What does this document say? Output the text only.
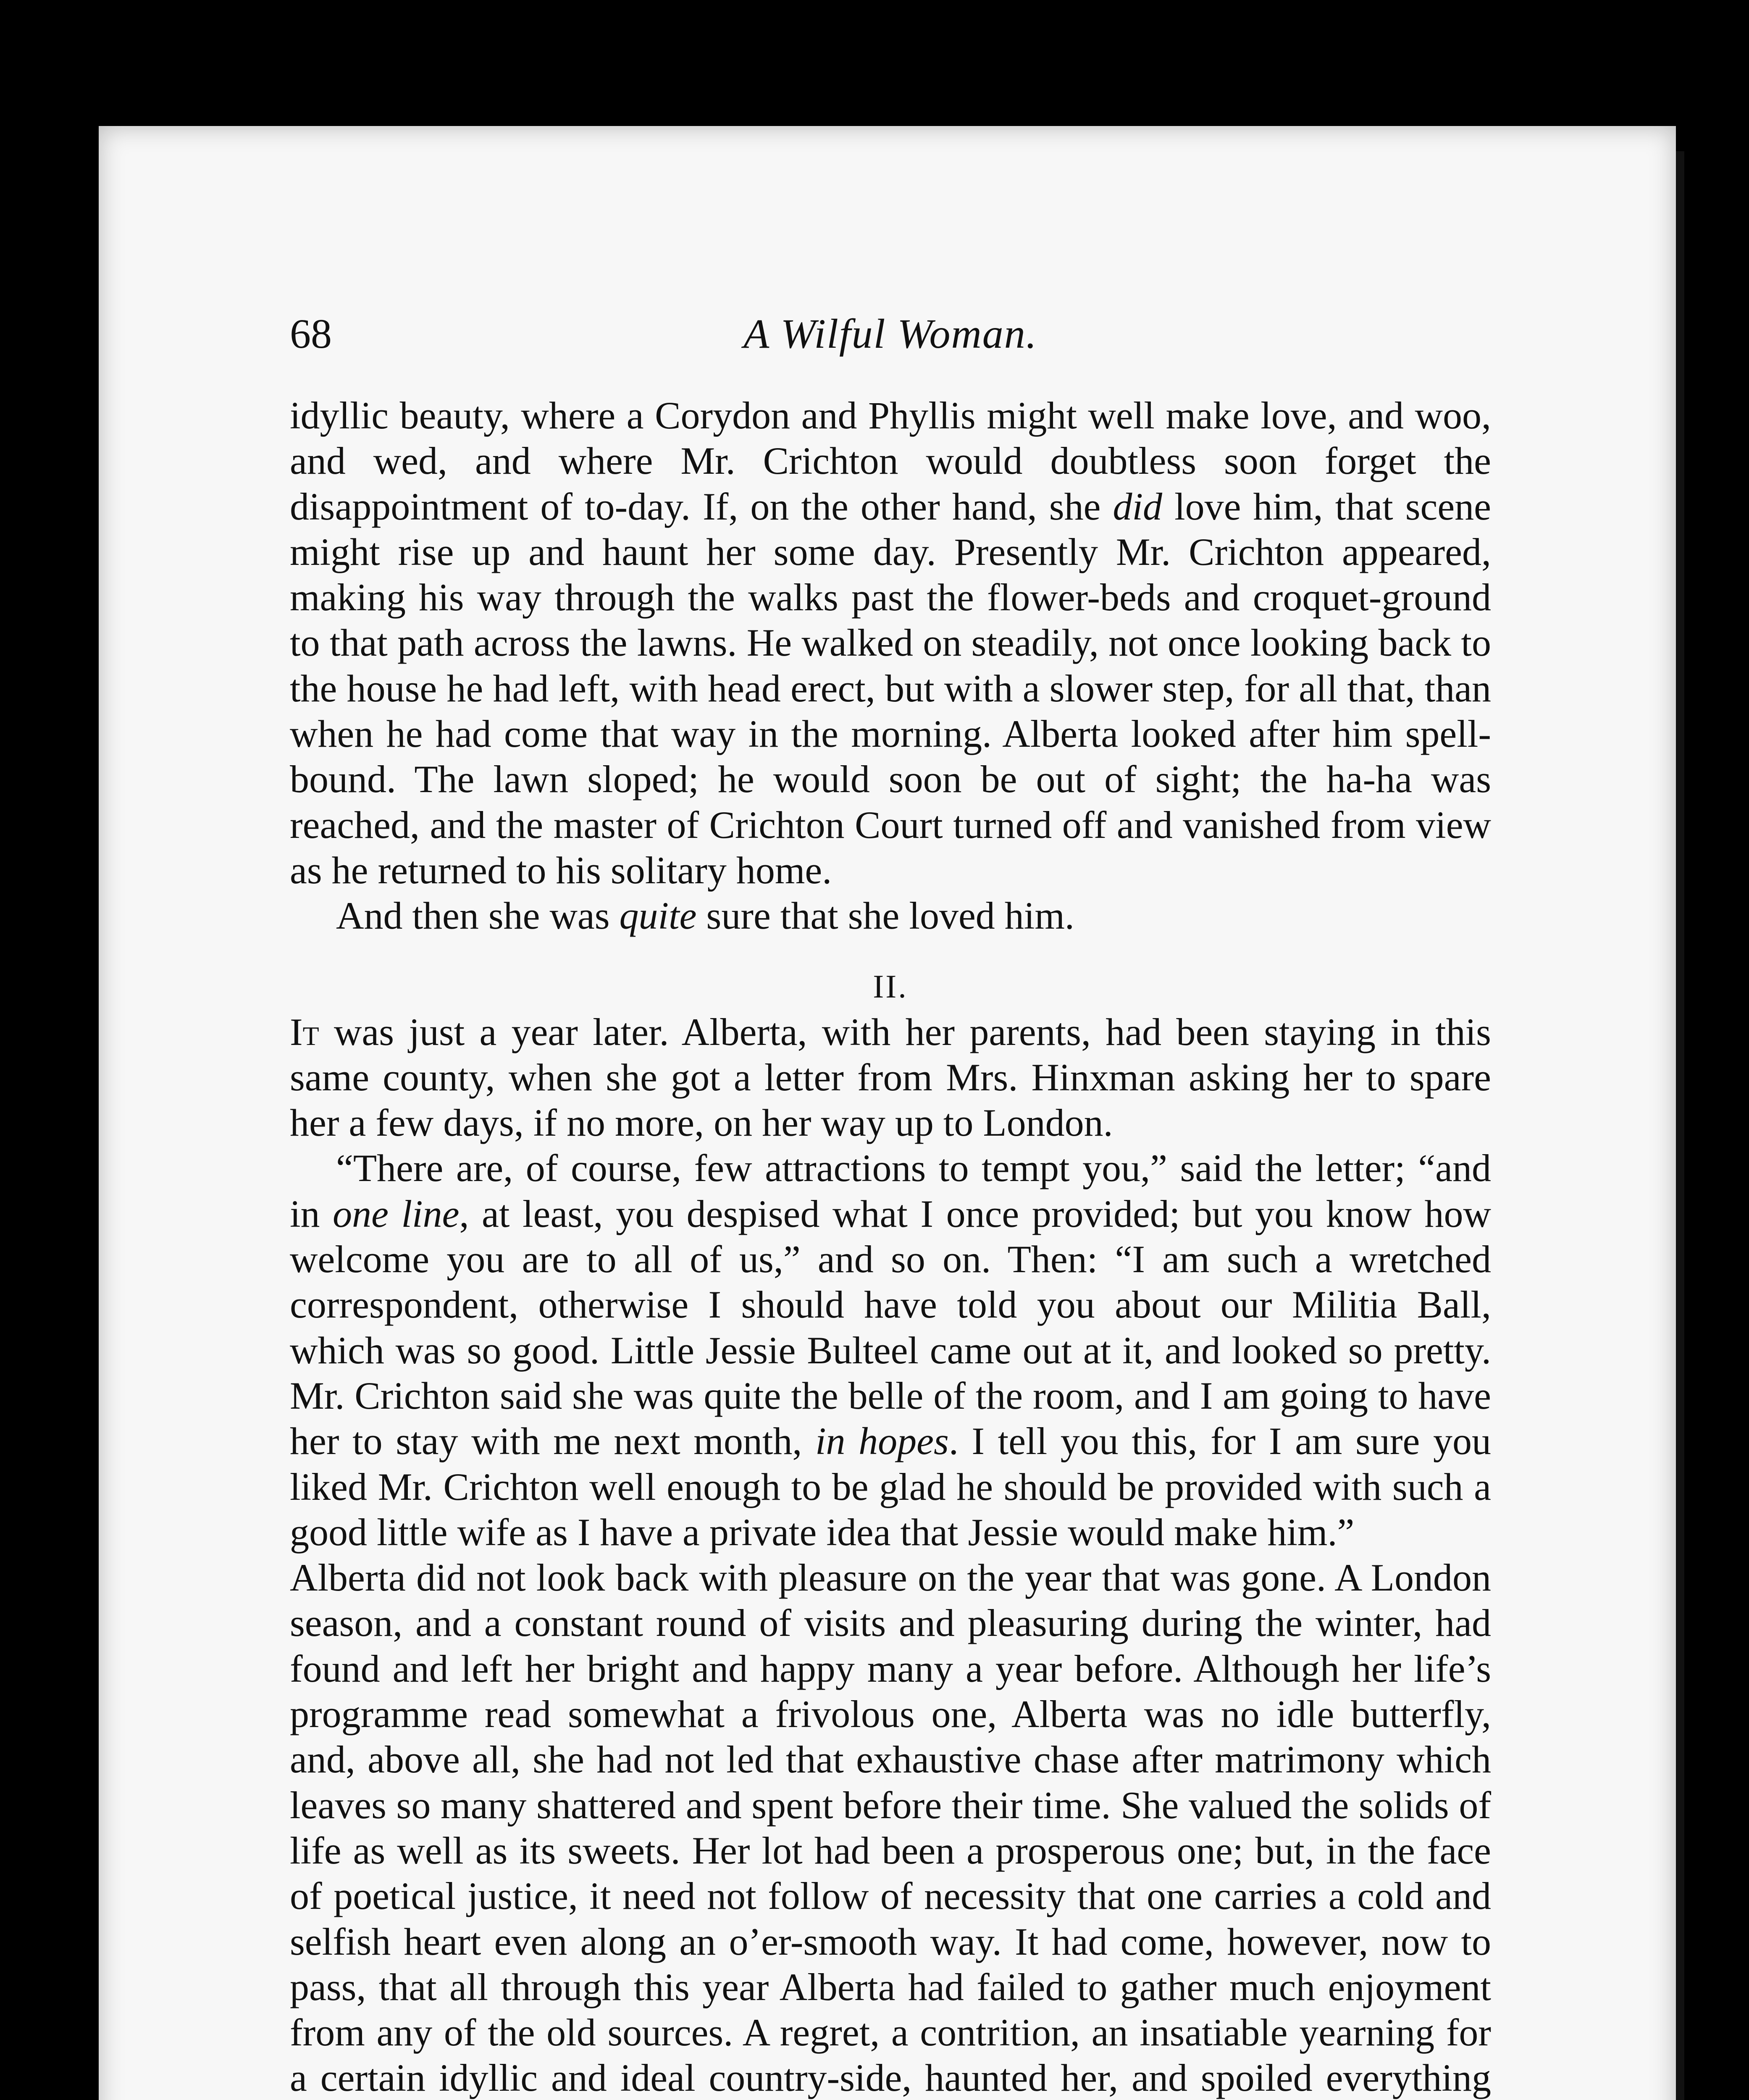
68	A Wilful Woman.

idyllic beauty, where a Corydon and Phyllis might well make love, and woo, and wed, and where Mr. Crichton would doubtless soon forget the disappointment of to-day. If, on the other hand, she did love him, that scene might rise up and haunt her some day. Presently Mr. Crichton appeared, making his way through the walks past the flower-beds and croquet-ground to that path across the lawns. He walked on steadily, not once looking back to the house he had left, with head erect, but with a slower step, for all that, than when he had come that way in the morning. Alberta looked after him spell-bound. The lawn sloped; he would soon be out of sight; the ha-ha was reached, and the master of Crichton Court turned off and vanished from view as he returned to his solitary home.

And then she was quite sure that she loved him.

II.

It was just a year later. Alberta, with her parents, had been staying in this same county, when she got a letter from Mrs. Hinxman asking her to spare her a few days, if no more, on her way up to London.

“There are, of course, few attractions to tempt you,” said the letter; “and in one line, at least, you despised what I once provided; but you know how welcome you are to all of us,” and so on. Then: “I am such a wretched correspondent, otherwise I should have told you about our Militia Ball, which was so good. Little Jessie Bulteel came out at it, and looked so pretty. Mr. Crichton said she was quite the belle of the room, and I am going to have her to stay with me next month, in hopes. I tell you this, for I am sure you liked Mr. Crichton well enough to be glad he should be provided with such a good little wife as I have a private idea that Jessie would make him.”

Alberta did not look back with pleasure on the year that was gone. A London season, and a constant round of visits and pleasuring during the winter, had found and left her bright and happy many a year before. Although her life’s programme read somewhat a frivolous one, Alberta was no idle butterfly, and, above all, she had not led that exhaustive chase after matrimony which leaves so many shattered and spent before their time. She valued the solids of life as well as its sweets. Her lot had been a prosperous one; but, in the face of poetical justice, it need not follow of necessity that one carries a cold and selfish heart even along an o’er-smooth way. It had come, however, now to pass, that all through this year Alberta had failed to gather much enjoyment from any of the old sources. A regret, a contrition, an insatiable yearning for a certain idyllic and ideal country-side, haunted her, and spoiled everything
